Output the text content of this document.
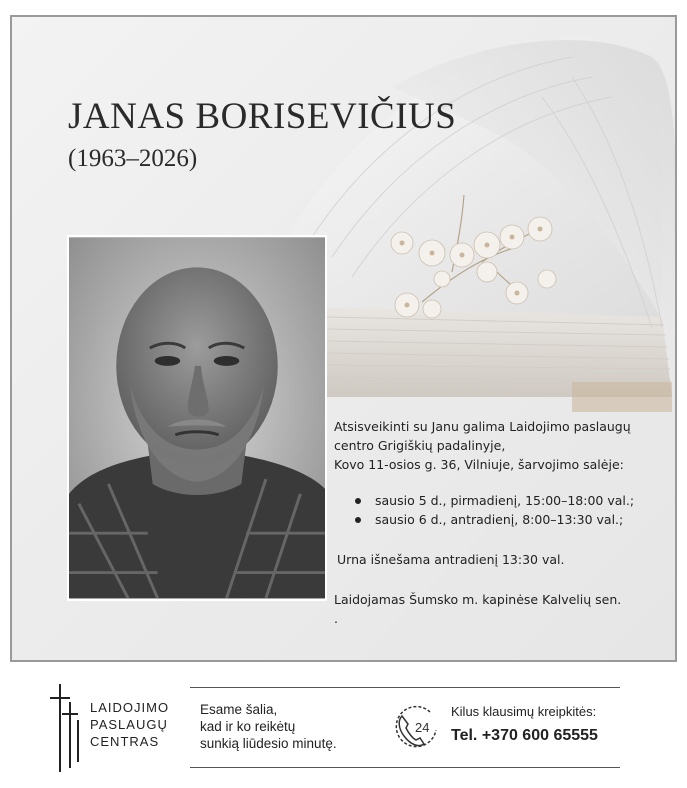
JANAS BORISEVIČIUS
(1963–2026)

Atsisveikinti su Janu galima Laidojimo paslaugų

centro Grigiškių padalinyje,

Kovo 11-osios g. 36, Vilniuje, šarvojimo salėje:

sausio 5 d., pirmadienį, 15:00–18:00 val.;
sausio 6 d., antradienį, 8:00–13:30 val.;

Urna išnešama antradienį 13:30 val.

Laidojamas Šumsko m. kapinėse Kalvelių sen.

.

LAIDOJIMO
PASLAUGŲ
CENTRAS
Esame šalia,
kad ir ko reikėtų
sunkią liūdesio minutę.
24
Kilus klausimų kreipkitės:
Tel. +370 600 65555
